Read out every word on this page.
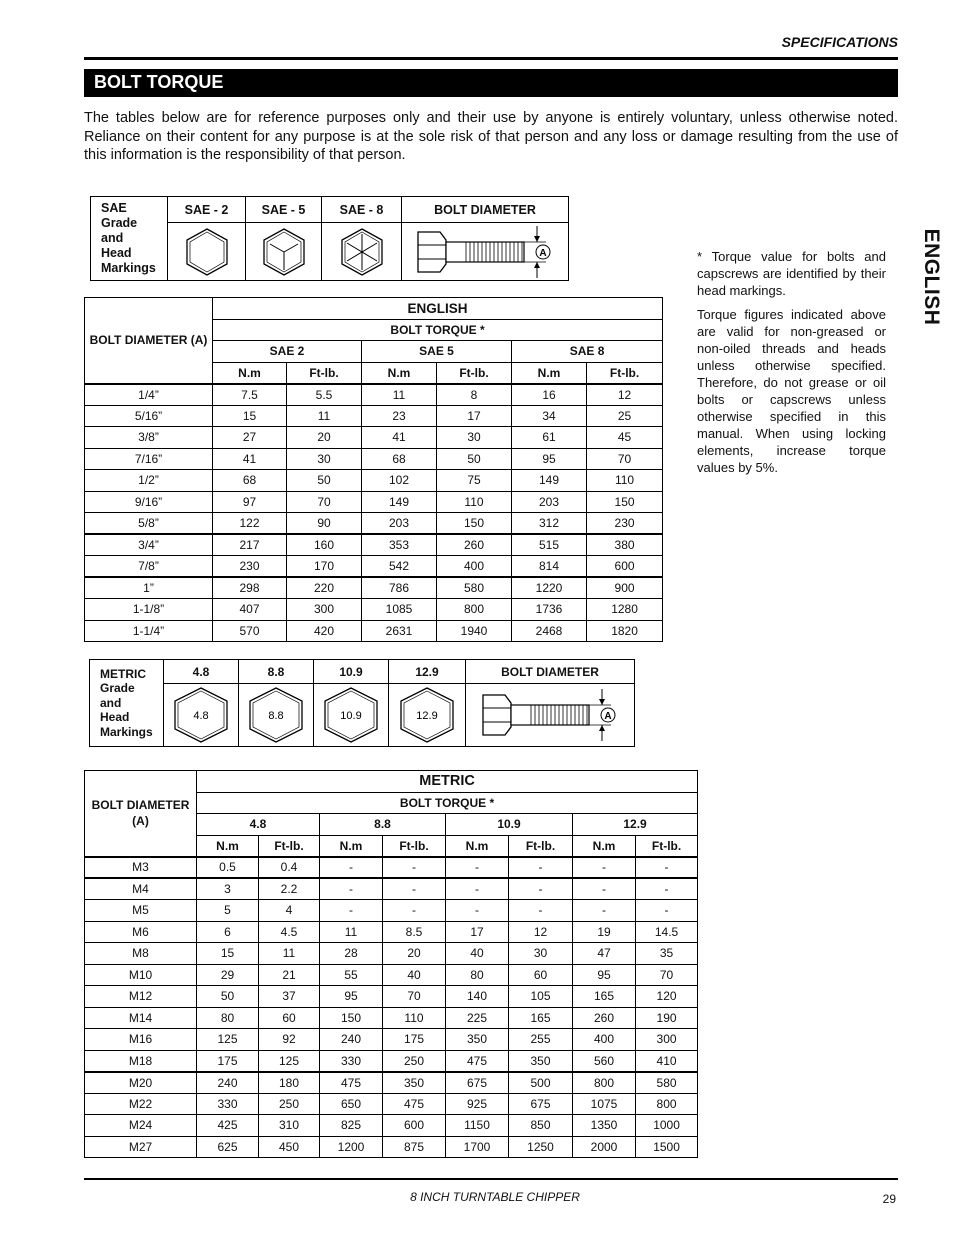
SPECIFICATIONS
BOLT TORQUE

The tables below are for reference purposes only and their use by anyone is entirely voluntary, unless otherwise noted. Reliance on their content for any purpose is at the sole risk of that person and any loss or damage resulting from the use of this information is the responsibility of that person.

ENGLISH

* Torque value for bolts and capscrews are identified by their head markings.

Torque figures indicated above are valid for non-greased or non-oiled threads and heads unless otherwise specified. Therefore, do not grease or oil bolts or capscrews unless otherwise specified in this manual. When using locking elements, increase torque values by 5%.

SAE
Grade
and
Head
Markings	SAE - 2	SAE - 5	SAE - 8	BOLT DIAMETER

A
BOLT DIAMETER (A)	ENGLISH					
	BOLT TORQUE *					
	SAE 2		SAE 5		SAE 8	
	N.m	Ft-lb.	N.m	Ft-lb.	N.m	Ft-lb.
1/4”	7.5	5.5	11	8	16	12
5/16”	15	11	23	17	34	25
3/8”	27	20	41	30	61	45
7/16”	41	30	68	50	95	70
1/2”	68	50	102	75	149	110
9/16”	97	70	149	110	203	150
5/8”	122	90	203	150	312	230
3/4”	217	160	353	260	515	380
7/8”	230	170	542	400	814	600
1”	298	220	786	580	1220	900
1-1/8”	407	300	1085	800	1736	1280
1-1/4”	570	420	2631	1940	2468	1820
METRIC
Grade
and
Head
Markings	4.8	8.8	10.9	12.9	BOLT DIAMETER

4.8	8.8	10.9	12.9	A
BOLT DIAMETER (A)	METRIC							
	BOLT TORQUE *							
	4.8		8.8		10.9		12.9	
	N.m	Ft-lb.	N.m	Ft-lb.	N.m	Ft-lb.	N.m	Ft-lb.
M3	0.5	0.4	-	-	-	-	-	-
M4	3	2.2	-	-	-	-	-	-
M5	5	4	-	-	-	-	-	-
M6	6	4.5	11	8.5	17	12	19	14.5
M8	15	11	28	20	40	30	47	35
M10	29	21	55	40	80	60	95	70
M12	50	37	95	70	140	105	165	120
M14	80	60	150	110	225	165	260	190
M16	125	92	240	175	350	255	400	300
M18	175	125	330	250	475	350	560	410
M20	240	180	475	350	675	500	800	580
M22	330	250	650	475	925	675	1075	800
M24	425	310	825	600	1150	850	1350	1000
M27	625	450	1200	875	1700	1250	2000	1500
8 INCH TURNTABLE CHIPPER	29
